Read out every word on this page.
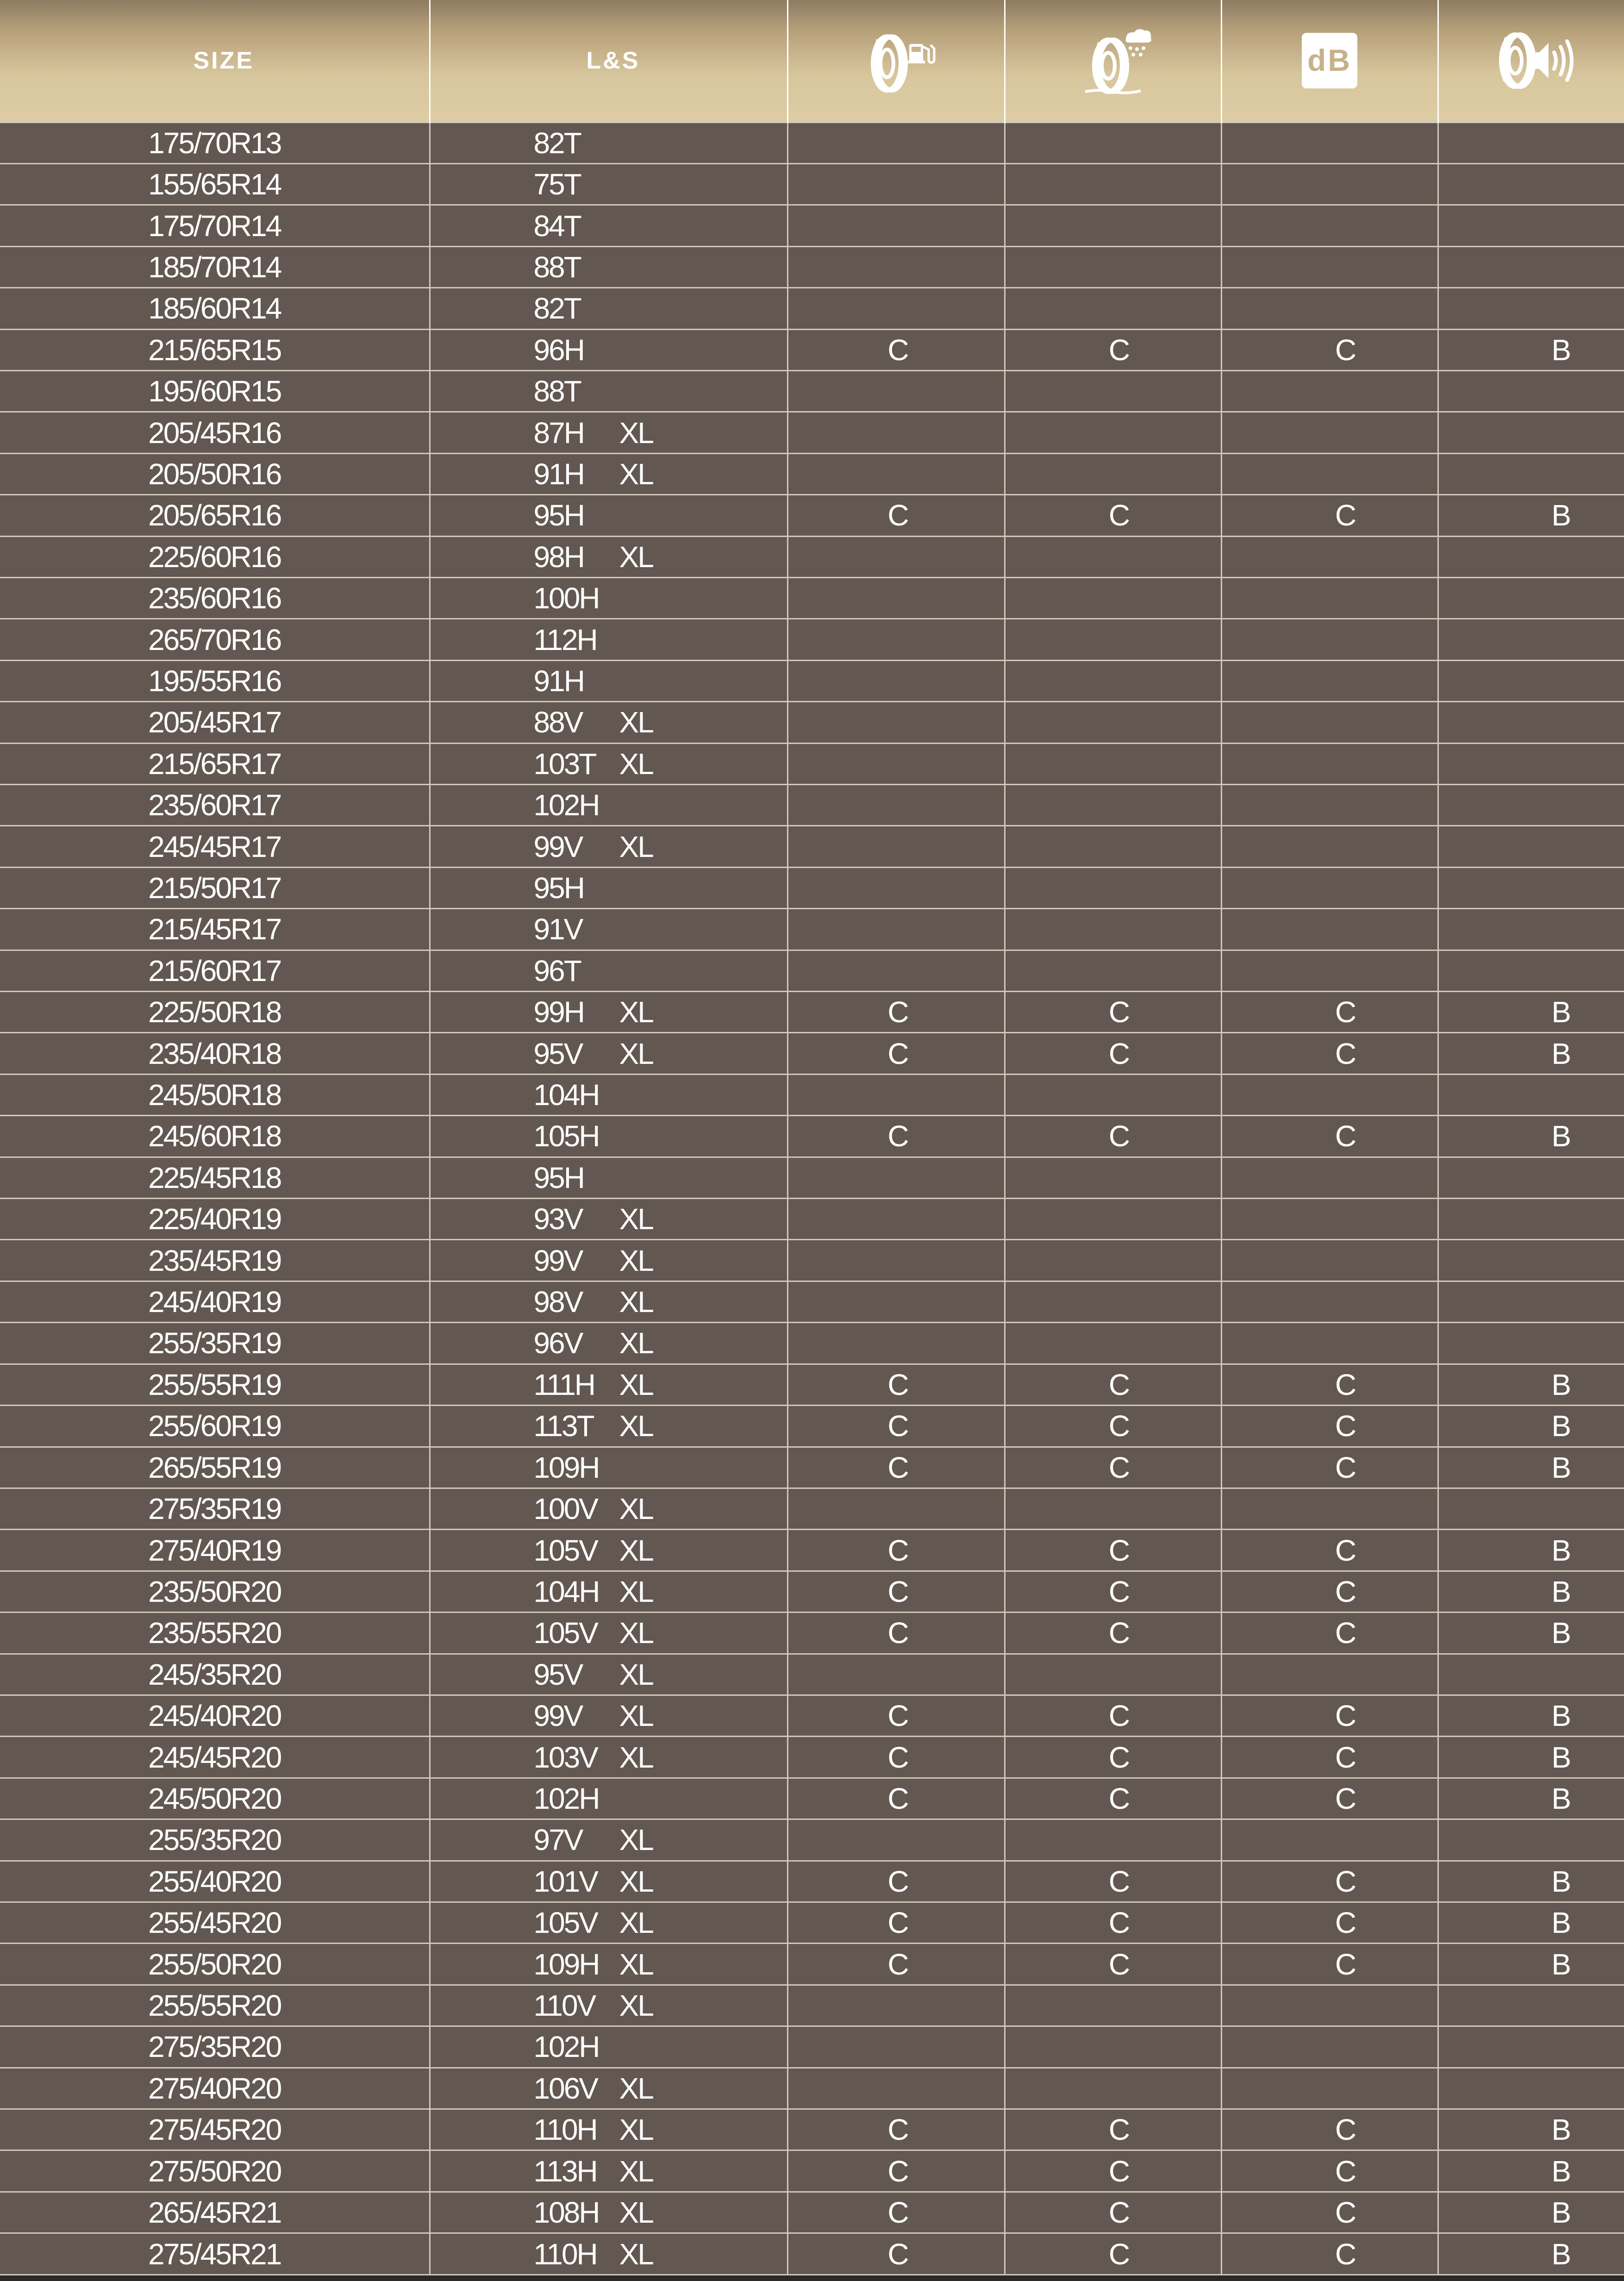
SIZE	L&S			dB

175/70R13	82T				
155/65R14	75T				
175/70R14	84T				
185/70R14	88T				
185/60R14	82T				
215/65R15	96H	C	C	C	B
195/60R15	88T				
205/45R16	87H XL				
205/50R16	91H XL				
205/65R16	95H	C	C	C	B
225/60R16	98H XL				
235/60R16	100H				
265/70R16	112H				
195/55R16	91H				
205/45R17	88V XL				
215/65R17	103T XL				
235/60R17	102H				
245/45R17	99V XL				
215/50R17	95H				
215/45R17	91V				
215/60R17	96T				
225/50R18	99H XL	C	C	C	B
235/40R18	95V XL	C	C	C	B
245/50R18	104H				
245/60R18	105H	C	C	C	B
225/45R18	95H				
225/40R19	93V XL				
235/45R19	99V XL				
245/40R19	98V XL				
255/35R19	96V XL				
255/55R19	111H XL	C	C	C	B
255/60R19	113T XL	C	C	C	B
265/55R19	109H	C	C	C	B
275/35R19	100V XL				
275/40R19	105V XL	C	C	C	B
235/50R20	104H XL	C	C	C	B
235/55R20	105V XL	C	C	C	B
245/35R20	95V XL				
245/40R20	99V XL	C	C	C	B
245/45R20	103V XL	C	C	C	B
245/50R20	102H	C	C	C	B
255/35R20	97V XL				
255/40R20	101V XL	C	C	C	B
255/45R20	105V XL	C	C	C	B
255/50R20	109H XL	C	C	C	B
255/55R20	110V XL				
275/35R20	102H				
275/40R20	106V XL				
275/45R20	110H XL	C	C	C	B
275/50R20	113H XL	C	C	C	B
265/45R21	108H XL	C	C	C	B
275/45R21	110H XL	C	C	C	B
